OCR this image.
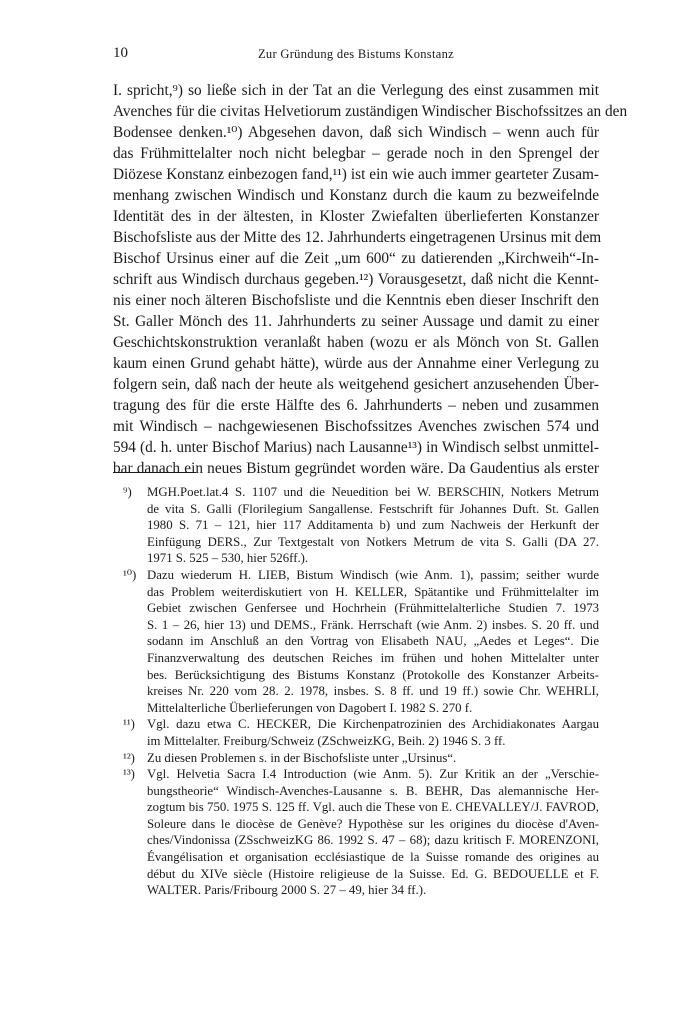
10	Zur Gründung des Bistums Konstanz
I. spricht,⁹) so ließe sich in der Tat an die Verlegung des einst zusammen mit
Avenches für die civitas Helvetiorum zuständigen Windischer Bischofssitzes an den
Bodensee denken.¹⁰) Abgesehen davon, daß sich Windisch – wenn auch für
das Frühmittelalter noch nicht belegbar – gerade noch in den Sprengel der
Diözese Konstanz einbezogen fand,¹¹) ist ein wie auch immer gearteter Zusam-
menhang zwischen Windisch und Konstanz durch die kaum zu bezweifelnde
Identität des in der ältesten, in Kloster Zwiefalten überlieferten Konstanzer
Bischofsliste aus der Mitte des 12. Jahrhunderts eingetragenen Ursinus mit dem
Bischof Ursinus einer auf die Zeit „um 600“ zu datierenden „Kirchweih“-In-
schrift aus Windisch durchaus gegeben.¹²) Vorausgesetzt, daß nicht die Kennt-
nis einer noch älteren Bischofsliste und die Kenntnis eben dieser Inschrift den
St. Galler Mönch des 11. Jahrhunderts zu seiner Aussage und damit zu einer
Geschichtskonstruktion veranlaßt haben (wozu er als Mönch von St. Gallen
kaum einen Grund gehabt hätte), würde aus der Annahme einer Verlegung zu
folgern sein, daß nach der heute als weitgehend gesichert anzusehenden Über-
tragung des für die erste Hälfte des 6. Jahrhunderts – neben und zusammen
mit Windisch – nachgewiesenen Bischofssitzes Avenches zwischen 574 und
594 (d. h. unter Bischof Marius) nach Lausanne¹³) in Windisch selbst unmittel-
bar danach ein neues Bistum gegründet worden wäre. Da Gaudentius als erster
⁹) MGH.Poet.lat.4 S. 1107 und die Neuedition bei W. BERSCHIN, Notkers Metrum
de vita S. Galli (Florilegium Sangallense. Festschrift für Johannes Duft. St. Gallen
1980 S. 71 – 121, hier 117 Additamenta b) und zum Nachweis der Herkunft der
Einfügung DERS., Zur Textgestalt von Notkers Metrum de vita S. Galli (DA 27.
1971 S. 525 – 530, hier 526ff.).
¹⁰) Dazu wiederum H. LIEB, Bistum Windisch (wie Anm. 1), passim; seither wurde
das Problem weiterdiskutiert von H. KELLER, Spätantike und Frühmittelalter im
Gebiet zwischen Genfersee und Hochrhein (Frühmittelalterliche Studien 7. 1973
S. 1 – 26, hier 13) und DEMS., Fränk. Herrschaft (wie Anm. 2) insbes. S. 20 ff. und
sodann im Anschluß an den Vortrag von Elisabeth NAU, „Aedes et Leges“. Die
Finanzverwaltung des deutschen Reiches im frühen und hohen Mittelalter unter
bes. Berücksichtigung des Bistums Konstanz (Protokolle des Konstanzer Arbeits-
kreises Nr. 220 vom 28. 2. 1978, insbes. S. 8 ff. und 19 ff.) sowie Chr. WEHRLI,
Mittelalterliche Überlieferungen von Dagobert I. 1982 S. 270 f.
¹¹) Vgl. dazu etwa C. HECKER, Die Kirchenpatrozinien des Archidiakonates Aargau
im Mittelalter. Freiburg/Schweiz (ZSchweizKG, Beih. 2) 1946 S. 3 ff.
¹²) Zu diesen Problemen s. in der Bischofsliste unter „Ursinus“.
¹³) Vgl. Helvetia Sacra I.4 Introduction (wie Anm. 5). Zur Kritik an der „Verschie-
bungstheorie“ Windisch-Avenches-Lausanne s. B. BEHR, Das alemannische Her-
zogtum bis 750. 1975 S. 125 ff. Vgl. auch die These von E. CHEVALLEY/J. FAVROD,
Soleure dans le diocèse de Genève? Hypothèse sur les origines du diocèse d'Aven-
ches/Vindonissa (ZSschweizKG 86. 1992 S. 47 – 68); dazu kritisch F. MORENZONI,
Évangélisation et organisation ecclésiastique de la Suisse romande des origines au
début du XIVe siècle (Histoire religieuse de la Suisse. Ed. G. BEDOUELLE et F.
WALTER. Paris/Fribourg 2000 S. 27 – 49, hier 34 ff.).
